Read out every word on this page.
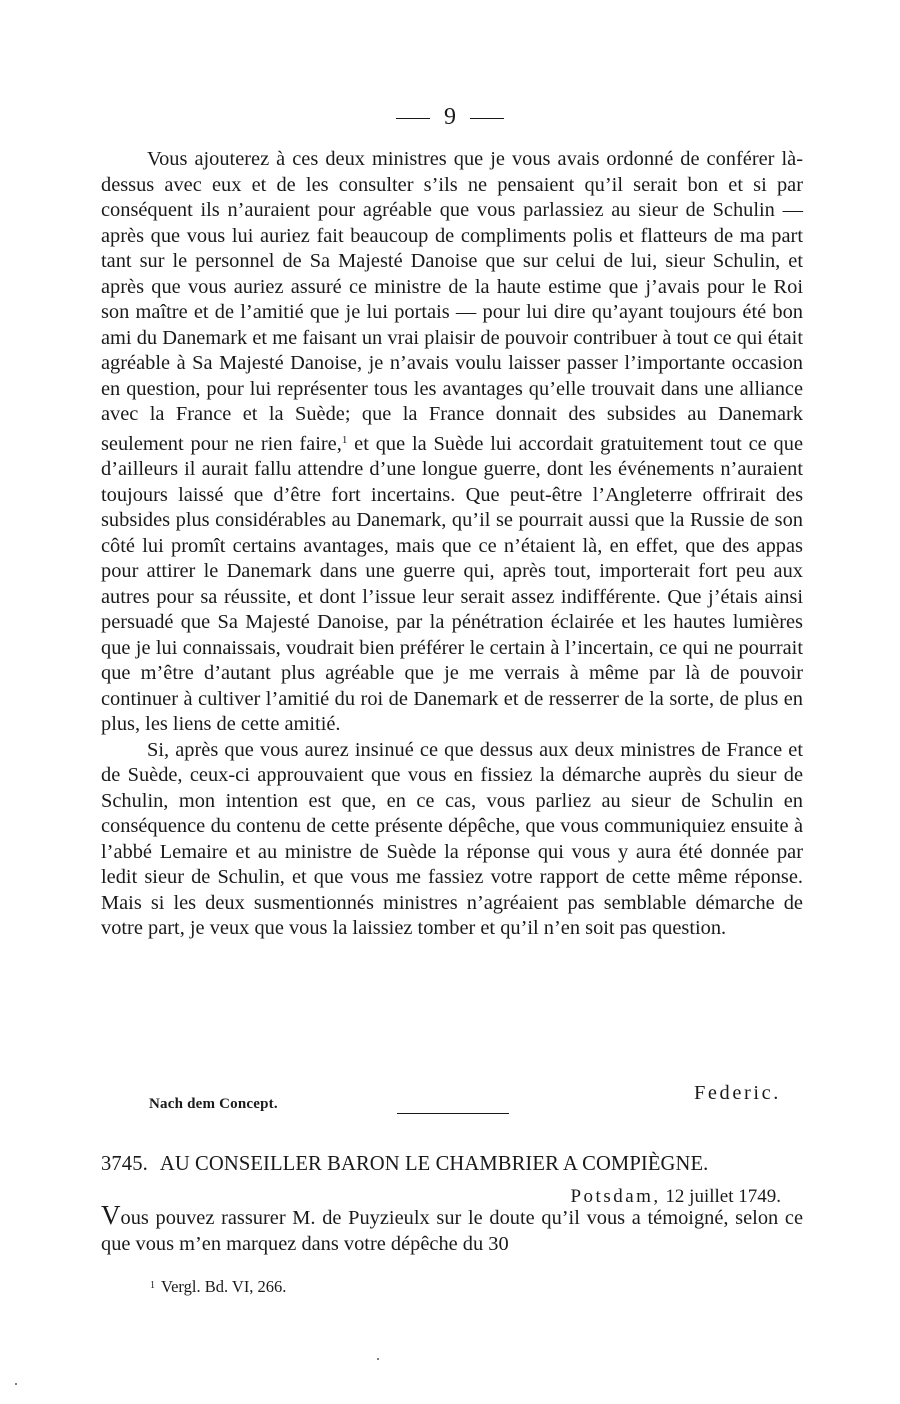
9

Vous ajouterez à ces deux ministres que je vous avais ordonné de conférer là-dessus avec eux et de les consulter s’ils ne pensaient qu’il serait bon et si par conséquent ils n’auraient pour agréable que vous parlassiez au sieur de Schulin — après que vous lui auriez fait beaucoup de compliments polis et flatteurs de ma part tant sur le personnel de Sa Majesté Danoise que sur celui de lui, sieur Schulin, et après que vous auriez assuré ce ministre de la haute estime que j’avais pour le Roi son maître et de l’amitié que je lui portais — pour lui dire qu’ayant toujours été bon ami du Danemark et me faisant un vrai plaisir de pouvoir contribuer à tout ce qui était agréable à Sa Majesté Danoise, je n’avais voulu laisser passer l’importante occasion en question, pour lui représenter tous les avantages qu’elle trouvait dans une alliance avec la France et la Suède; que la France donnait des subsides au Danemark seulement pour ne rien faire,$^1$ et que la Suède lui accordait gratuitement tout ce que d’ailleurs il aurait fallu attendre d’une longue guerre, dont les événements n’auraient toujours laissé que d’être fort incertains. Que peut-être l’Angleterre offrirait des subsides plus considérables au Danemark, qu’il se pourrait aussi que la Russie de son côté lui promît certains avantages, mais que ce n’étaient là, en effet, que des appas pour attirer le Danemark dans une guerre qui, après tout, importerait fort peu aux autres pour sa réussite, et dont l’issue leur serait assez indifférente. Que j’étais ainsi persuadé que Sa Majesté Danoise, par la pénétration éclairée et les hautes lumières que je lui connaissais, voudrait bien préférer le certain à l’incertain, ce qui ne pourrait que m’être d’autant plus agréable que je me verrais à même par là de pouvoir continuer à cultiver l’amitié du roi de Danemark et de resserrer de la sorte, de plus en plus, les liens de cette amitié.

Si, après que vous aurez insinué ce que dessus aux deux ministres de France et de Suède, ceux-ci approuvaient que vous en fissiez la démarche auprès du sieur de Schulin, mon intention est que, en ce cas, vous parliez au sieur de Schulin en conséquence du contenu de cette présente dépêche, que vous communiquiez ensuite à l’abbé Lemaire et au ministre de Suède la réponse qui vous y aura été donnée par ledit sieur de Schulin, et que vous me fassiez votre rapport de cette même réponse. Mais si les deux susmentionnés ministres n’agréaient pas semblable démarche de votre part, je veux que vous la laissiez tomber et qu’il n’en soit pas question.

Nach dem Concept.	Federic.
3745. AU CONSEILLER BARON LE CHAMBRIER A COMPIÈGNE.
Potsdam, 12 juillet 1749.

Vous pouvez rassurer M. de Puyzieulx sur le doute qu’il vous a témoigné, selon ce que vous m’en marquez dans votre dépêche du 30

$^1$ Vergl. Bd. VI, 266.
